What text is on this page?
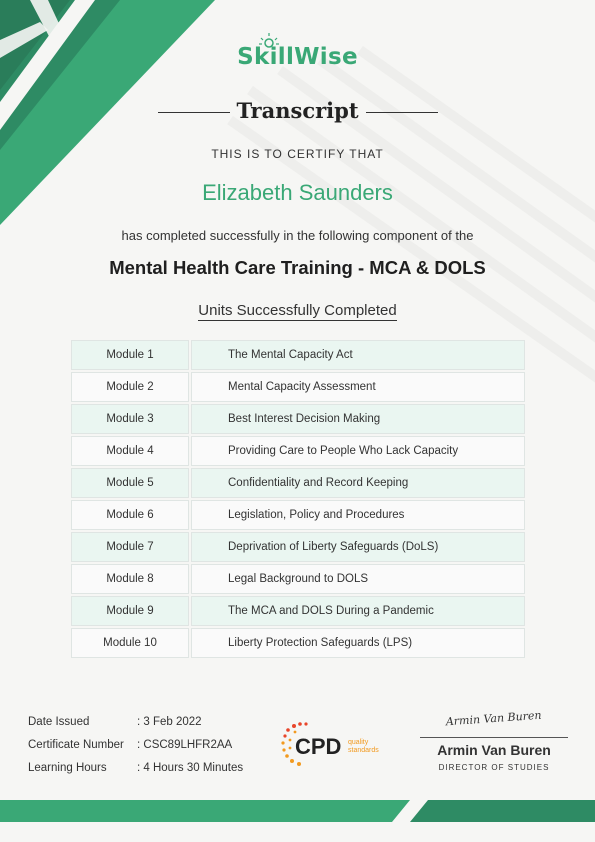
SkillWise
Transcript
THIS IS TO CERTIFY THAT
Elizabeth Saunders
has completed successfully in the following component of the
Mental Health Care Training - MCA & DOLS
Units Successfully Completed
Module 1	The Mental Capacity Act
Module 2	Mental Capacity Assessment
Module 3	Best Interest Decision Making
Module 4	Providing Care to People Who Lack Capacity
Module 5	Confidentiality and Record Keeping
Module 6	Legislation, Policy and Procedures
Module 7	Deprivation of Liberty Safeguards (DoLS)
Module 8	Legal Background to DOLS
Module 9	The MCA and DOLS During a Pandemic
Module 10	Liberty Protection Safeguards (LPS)
Date Issued	: 3 Feb 2022
Certificate Number	: CSC89LHFR2AA
Learning Hours	: 4 Hours 30 Minutes
CPD quality
standards
Armin Van Buren
Armin Van Buren
DIRECTOR OF STUDIES
